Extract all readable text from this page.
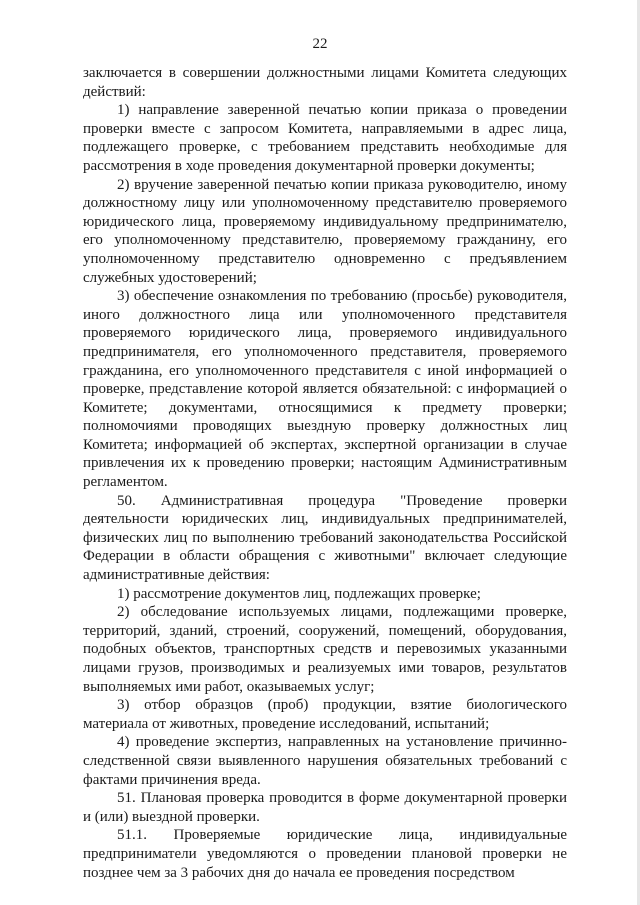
22

заключается в совершении должностными лицами Комитета следующих действий:

1) направление заверенной печатью копии приказа о проведении проверки вместе с запросом Комитета, направляемыми в адрес лица, подлежащего проверке, с требованием представить необходимые для рассмотрения в ходе проведения документарной проверки документы;

2) вручение заверенной печатью копии приказа руководителю, иному должностному лицу или уполномоченному представителю проверяемого юридического лица, проверяемому индивидуальному предпринимателю, его уполномоченному представителю, проверяемому гражданину, его уполномоченному представителю одновременно с предъявлением служебных удостоверений;

3) обеспечение ознакомления по требованию (просьбе) руководителя, иного должностного лица или уполномоченного представителя проверяемого юридического лица, проверяемого индивидуального предпринимателя, его уполномоченного представителя, проверяемого гражданина, его уполномоченного представителя с иной информацией о проверке, представление которой является обязательной: с информацией о Комитете; документами, относящимися к предмету проверки; полномочиями проводящих выездную проверку должностных лиц Комитета; информацией об экспертах, экспертной организации в случае привлечения их к проведению проверки; настоящим Административным регламентом.

50. Административная процедура "Проведение проверки деятельности юридических лиц, индивидуальных предпринимателей, физических лиц по выполнению требований законодательства Российской Федерации в области обращения с животными" включает следующие административные действия:

1) рассмотрение документов лиц, подлежащих проверке;

2) обследование используемых лицами, подлежащими проверке, территорий, зданий, строений, сооружений, помещений, оборудования, подобных объектов, транспортных средств и перевозимых указанными лицами грузов, производимых и реализуемых ими товаров, результатов выполняемых ими работ, оказываемых услуг;

3) отбор образцов (проб) продукции, взятие биологического материала от животных, проведение исследований, испытаний;

4) проведение экспертиз, направленных на установление причинно-следственной связи выявленного нарушения обязательных требований с фактами причинения вреда.

51. Плановая проверка проводится в форме документарной проверки и (или) выездной проверки.

51.1. Проверяемые юридические лица, индивидуальные предприниматели уведомляются о проведении плановой проверки не позднее чем за 3 рабочих дня до начала ее проведения посредством
